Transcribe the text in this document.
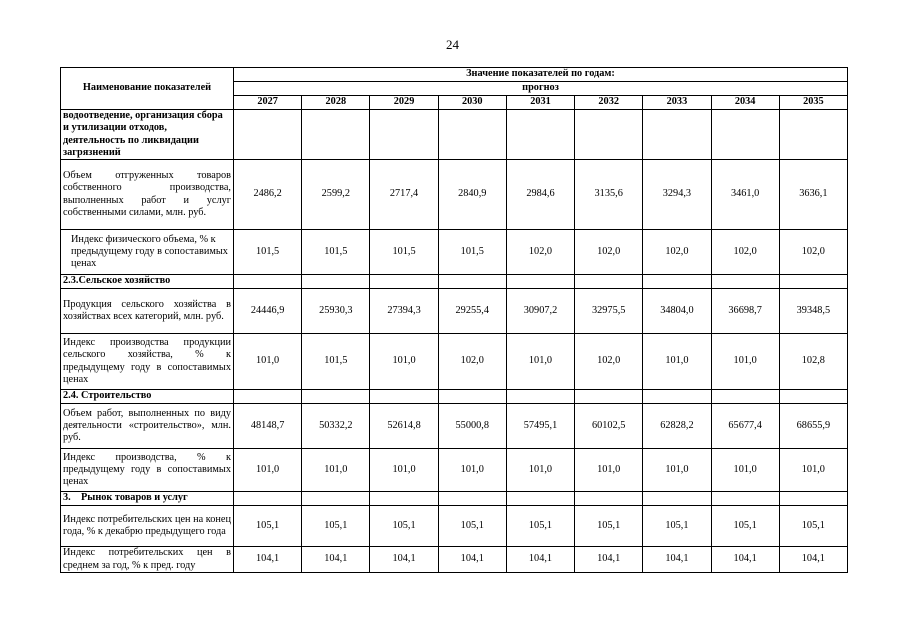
24
Наименование показателей	Значение показателей по годам:								
	прогноз								
	2027	2028	2029	2030	2031	2032	2033	2034	2035
водоотведение, организация сбора и утилизации отходов, деятельность по ликвидации загрязнений									
Объем отгруженных товаров собственного производства, выполненных работ и услуг собственными силами, млн. руб.	2486,2	2599,2	2717,4	2840,9	2984,6	3135,6	3294,3	3461,0	3636,1
Индекс физического объема, % к предыдущему году в сопоставимых ценах	101,5	101,5	101,5	101,5	102,0	102,0	102,0	102,0	102,0
2.3.Сельское хозяйство									
Продукция сельского хозяйства в хозяйствах всех категорий, млн. руб.	24446,9	25930,3	27394,3	29255,4	30907,2	32975,5	34804,0	36698,7	39348,5
Индекс производства продукции сельского хозяйства, % к предыдущему году в сопоставимых ценах	101,0	101,5	101,0	102,0	101,0	102,0	101,0	101,0	102,8
2.4. Строительство									
Объем работ, выполненных по виду деятельности «строительство», млн. руб.	48148,7	50332,2	52614,8	55000,8	57495,1	60102,5	62828,2	65677,4	68655,9
Индекс производства, % к предыдущему году в сопоставимых ценах	101,0	101,0	101,0	101,0	101,0	101,0	101,0	101,0	101,0
3.    Рынок товаров и услуг									
Индекс потребительских цен на конец года, % к декабрю предыдущего года	105,1	105,1	105,1	105,1	105,1	105,1	105,1	105,1	105,1
Индекс потребительских цен в среднем за год, % к пред. году	104,1	104,1	104,1	104,1	104,1	104,1	104,1	104,1	104,1
